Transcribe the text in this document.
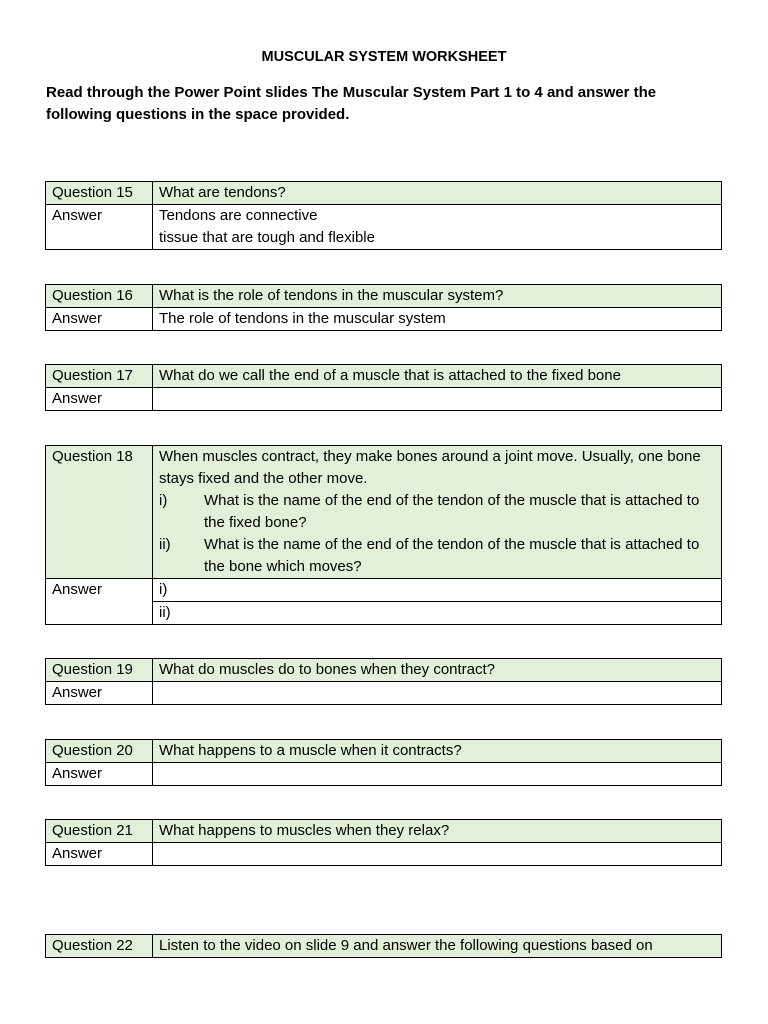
MUSCULAR SYSTEM WORKSHEET
Read through the Power Point slides The Muscular System Part 1 to 4 and answer the following questions in the space provided.
Question 15	What are tendons?
Answer	Tendons are connective
tissue that are tough and flexible
Question 16	What is the role of tendons in the muscular system?
Answer	The role of tendons in the muscular system
Question 17	What do we call the end of a muscle that is attached to the fixed bone
Answer	
Question 18	When muscles contract, they make bones around a joint move. Usually, one bone stays fixed and the other move.
i) What is the name of the end of the tendon of the muscle that is attached to the fixed bone?
ii) What is the name of the end of the tendon of the muscle that is attached to the bone which moves?

Answer	i)
	ii)
Question 19	What do muscles do to bones when they contract?
Answer	
Question 20	What happens to a muscle when it contracts?
Answer	
Question 21	What happens to muscles when they relax?
Answer	
Question 22	Listen to the video on slide 9 and answer the following questions based on
